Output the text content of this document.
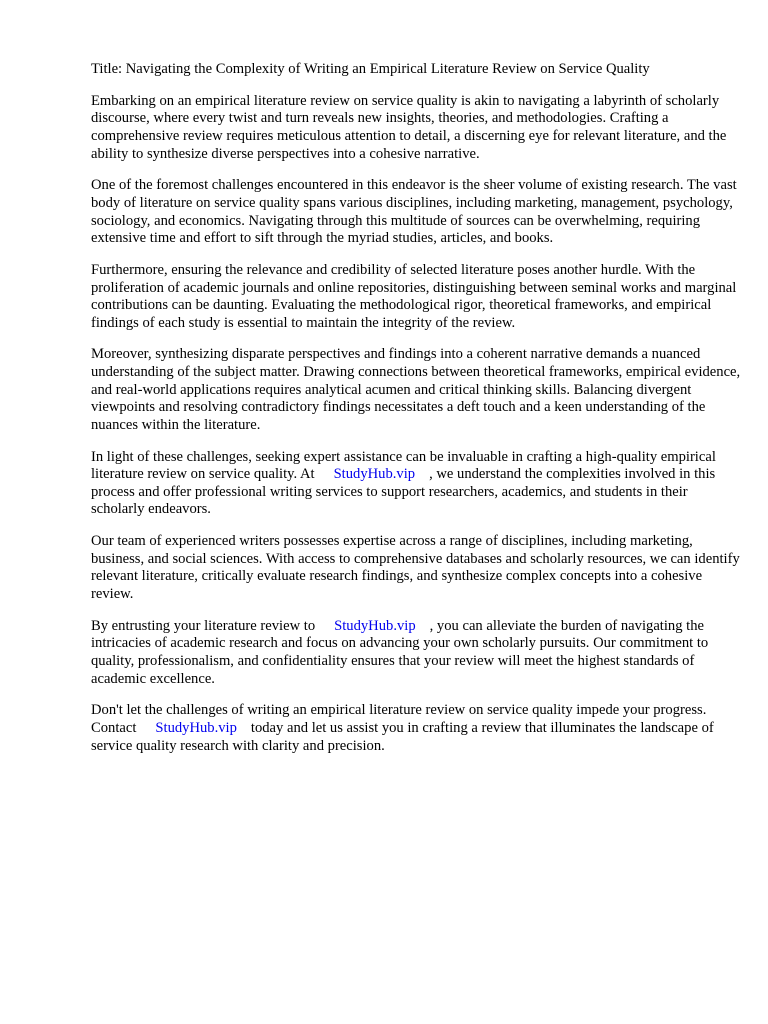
Title: Navigating the Complexity of Writing an Empirical Literature Review on Service Quality

Embarking on an empirical literature review on service quality is akin to navigating a labyrinth of scholarly discourse, where every twist and turn reveals new insights, theories, and methodologies. Crafting a comprehensive review requires meticulous attention to detail, a discerning eye for relevant literature, and the ability to synthesize diverse perspectives into a cohesive narrative.

One of the foremost challenges encountered in this endeavor is the sheer volume of existing research. The vast body of literature on service quality spans various disciplines, including marketing, management, psychology, sociology, and economics. Navigating through this multitude of sources can be overwhelming, requiring extensive time and effort to sift through the myriad studies, articles, and books.

Furthermore, ensuring the relevance and credibility of selected literature poses another hurdle. With the proliferation of academic journals and online repositories, distinguishing between seminal works and marginal contributions can be daunting. Evaluating the methodological rigor, theoretical frameworks, and empirical findings of each study is essential to maintain the integrity of the review.

Moreover, synthesizing disparate perspectives and findings into a coherent narrative demands a nuanced understanding of the subject matter. Drawing connections between theoretical frameworks, empirical evidence, and real-world applications requires analytical acumen and critical thinking skills. Balancing divergent viewpoints and resolving contradictory findings necessitates a deft touch and a keen understanding of the nuances within the literature.

In light of these challenges, seeking expert assistance can be invaluable in crafting a high-quality empirical literature review on service quality. At StudyHub.vip , we understand the complexities involved in this process and offer professional writing services to support researchers, academics, and students in their scholarly endeavors.

Our team of experienced writers possesses expertise across a range of disciplines, including marketing, business, and social sciences. With access to comprehensive databases and scholarly resources, we can identify relevant literature, critically evaluate research findings, and synthesize complex concepts into a cohesive review.

By entrusting your literature review to StudyHub.vip , you can alleviate the burden of navigating the intricacies of academic research and focus on advancing your own scholarly pursuits. Our commitment to quality, professionalism, and confidentiality ensures that your review will meet the highest standards of academic excellence.

Don't let the challenges of writing an empirical literature review on service quality impede your progress. Contact StudyHub.vip today and let us assist you in crafting a review that illuminates the landscape of service quality research with clarity and precision.
